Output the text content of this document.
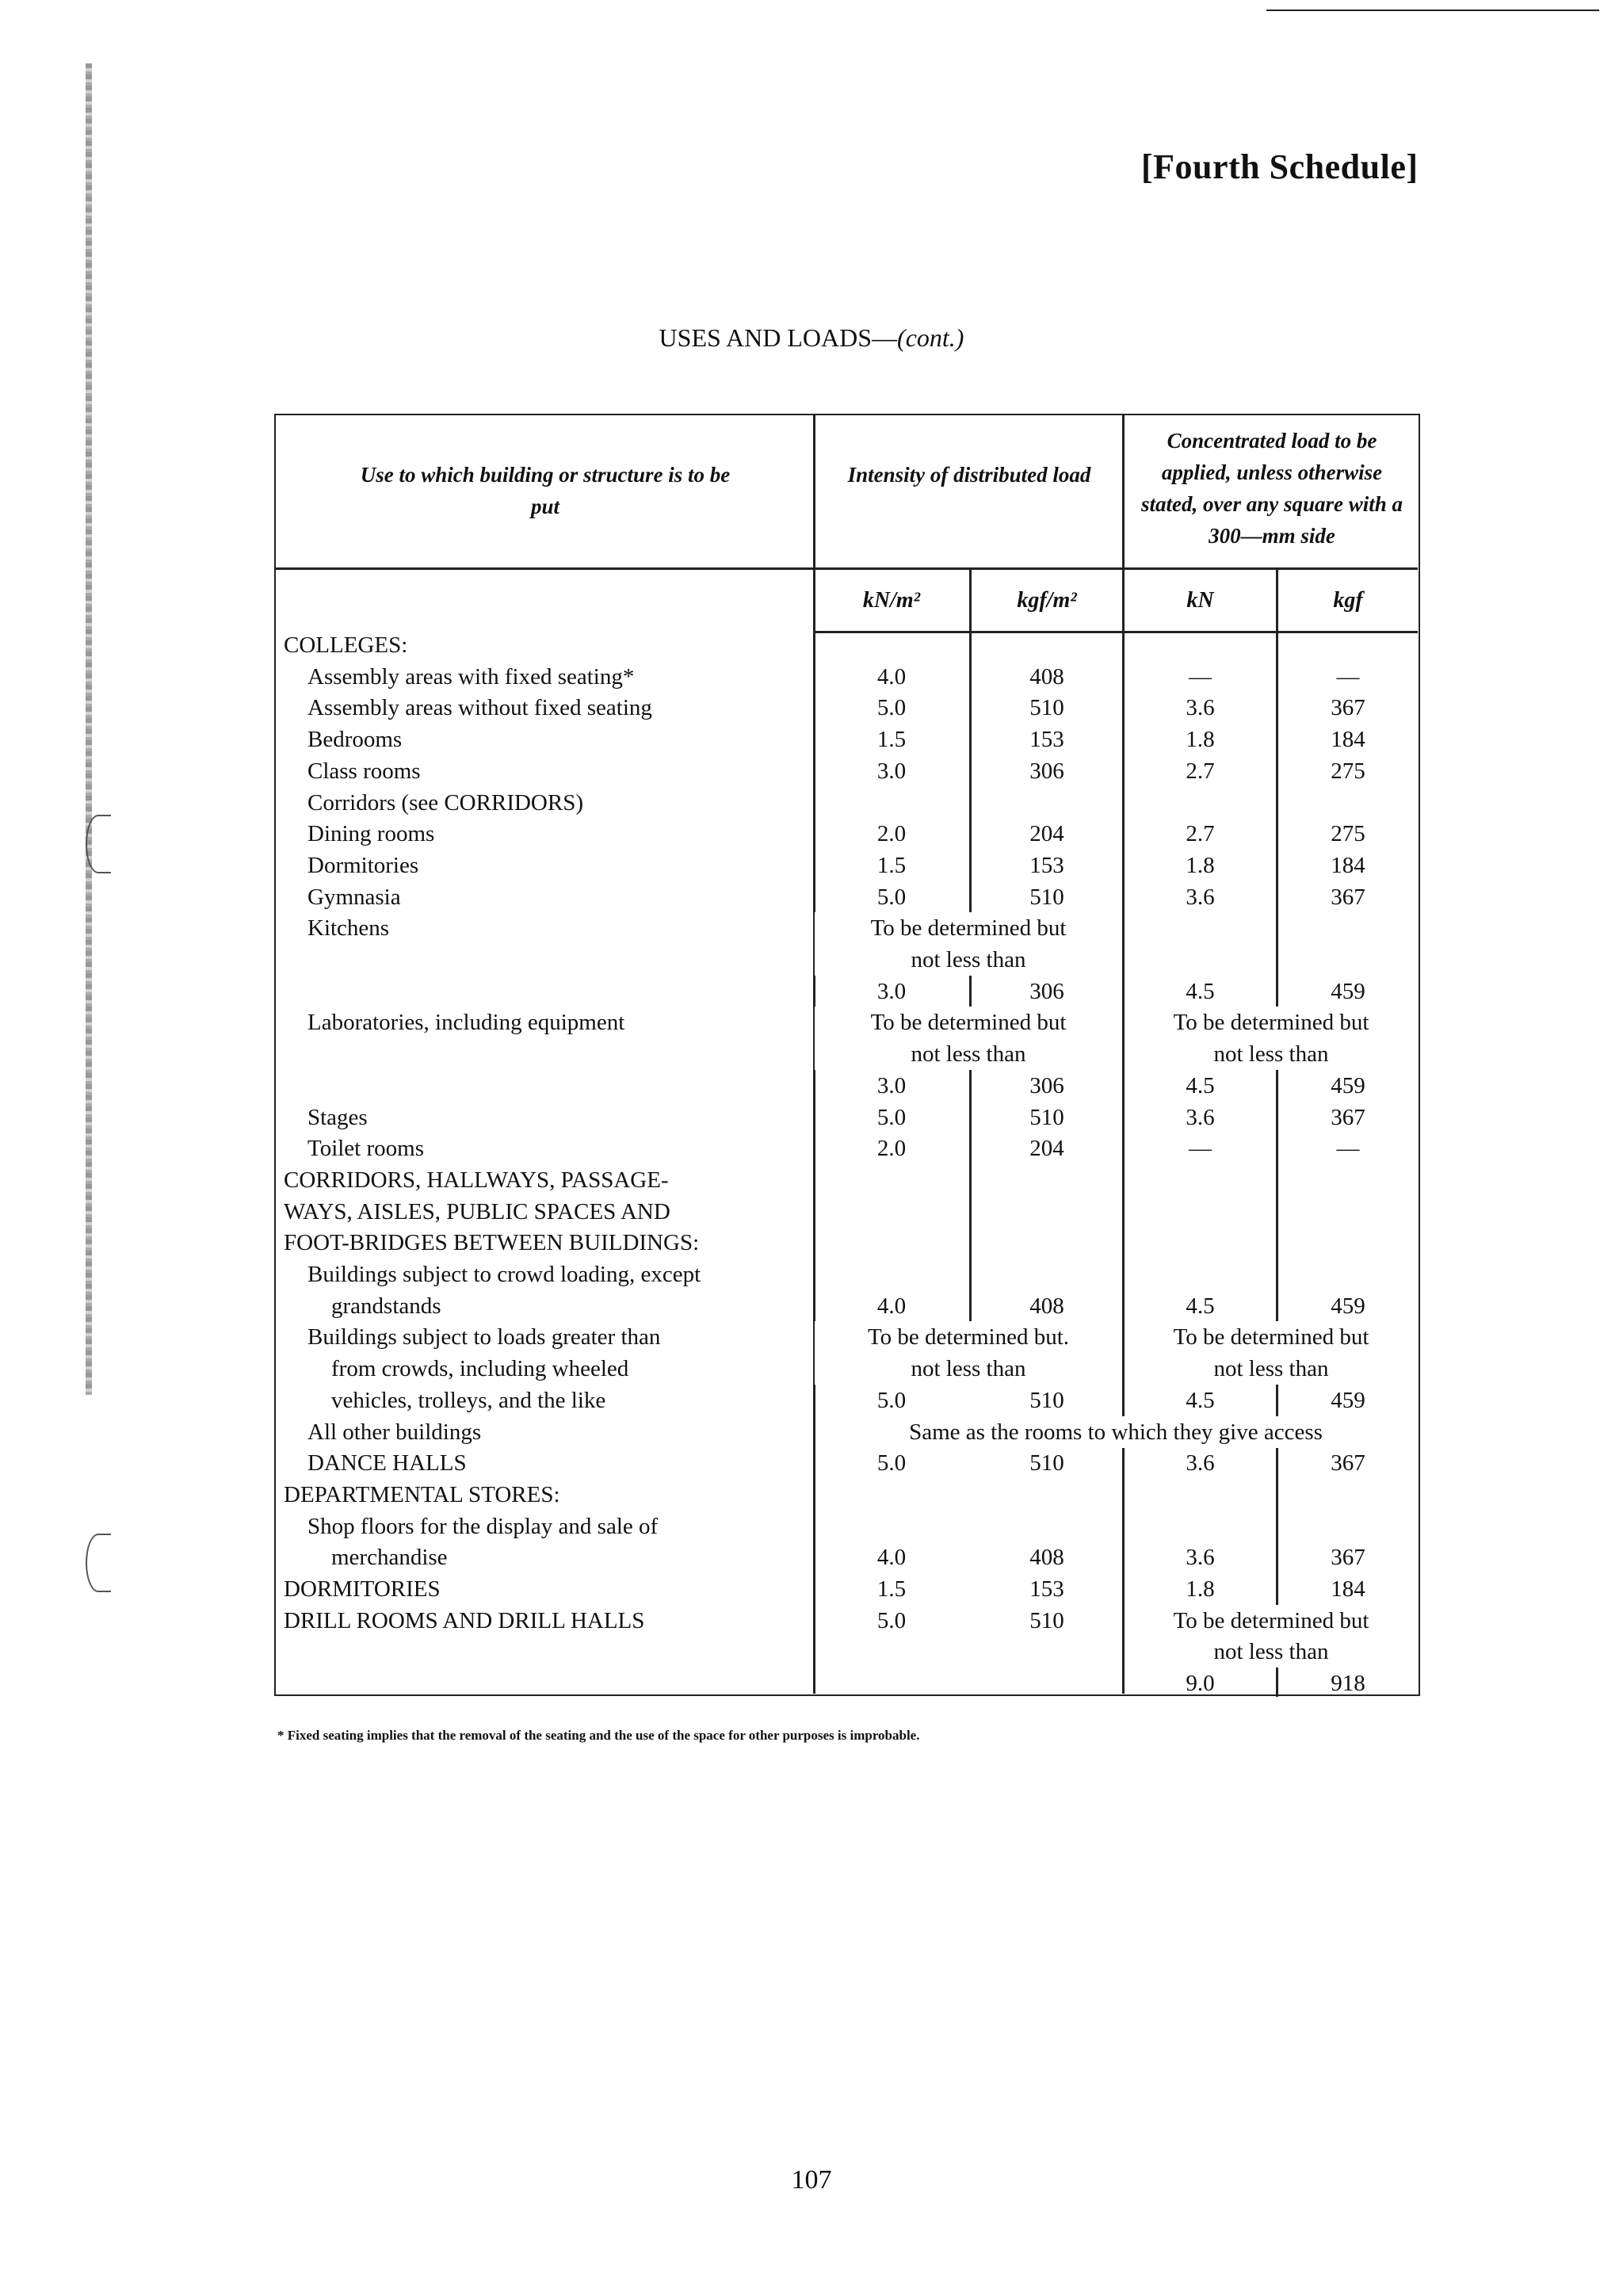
[Fourth Schedule]
USES AND LOADS—(cont.)
Use to which building or structure is to be put
Intensity of distributed load
Concentrated load to be applied, unless otherwise stated, over any square with a 300—mm side
kN/m²	kgf/m²	kN	kgf
COLLEGES:
Assembly areas with fixed seating*	4.0	408	—	—
Assembly areas without fixed seating	5.0	510	3.6	367
Bedrooms	1.5	153	1.8	184
Class rooms	3.0	306	2.7	275
Corridors (see CORRIDORS)
Dining rooms	2.0	204	2.7	275
Dormitories	1.5	153	1.8	184
Gymnasia	5.0	510	3.6	367
Kitchens	To be determined but
not less than
3.0	306	4.5	459
Laboratories, including equipment	To be determined but	To be determined but
not less than	not less than
3.0	306	4.5	459
Stages	5.0	510	3.6	367
Toilet rooms	2.0	204	—	—
CORRIDORS, HALLWAYS, PASSAGE-
WAYS, AISLES, PUBLIC SPACES AND
FOOT-BRIDGES BETWEEN BUILDINGS:
Buildings subject to crowd loading, except
grandstands	4.0	408	4.5	459
Buildings subject to loads greater than	To be determined but.	To be determined but
from crowds, including wheeled	not less than	not less than
vehicles, trolleys, and the like	5.0	510	4.5	459
All other buildings	Same as the rooms to which they give access
DANCE HALLS	5.0	510	3.6	367
DEPARTMENTAL STORES:
Shop floors for the display and sale of
merchandise	4.0	408	3.6	367
DORMITORIES	1.5	153	1.8	184
DRILL ROOMS AND DRILL HALLS	5.0	510	To be determined but
not less than
9.0	918
* Fixed seating implies that the removal of the seating and the use of the space for other purposes is improbable.
107
